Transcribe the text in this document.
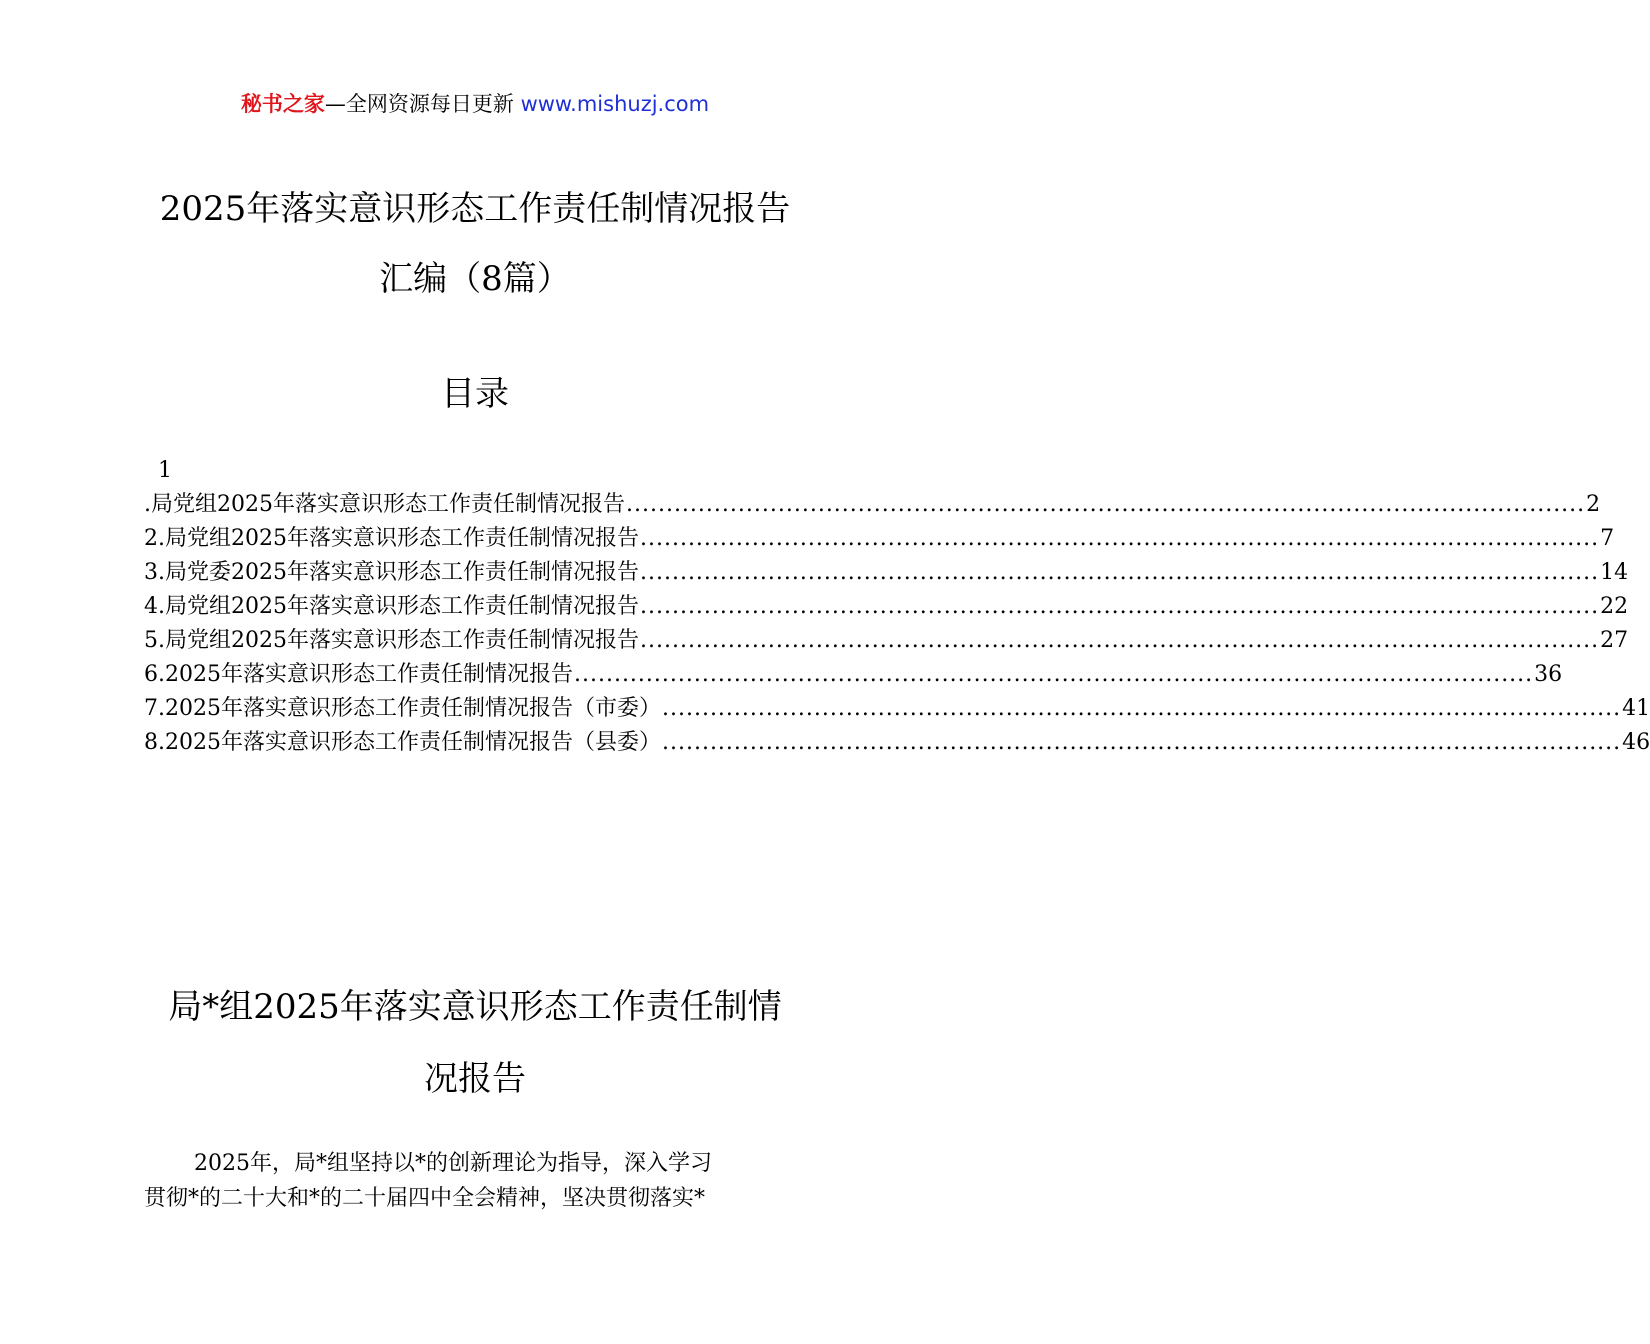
秘书之家—全网资源每日更新 www.mishuzj.com
2025年落实意识形态工作责任制情况报告
汇编（8篇）
目录
1
.局党组2025年落实意识形态工作责任制情况报告 ........................................................................................................................ 2
2.局党组2025年落实意识形态工作责任制情况报告 ........................................................................................................................ 7
3.局党委2025年落实意识形态工作责任制情况报告 ........................................................................................................................ 14
4.局党组2025年落实意识形态工作责任制情况报告 ........................................................................................................................ 22
5.局党组2025年落实意识形态工作责任制情况报告 ........................................................................................................................ 27
6.2025年落实意识形态工作责任制情况报告 ........................................................................................................................ 36
7.2025年落实意识形态工作责任制情况报告（市委） ........................................................................................................................ 41
8.2025年落实意识形态工作责任制情况报告（县委） ........................................................................................................................ 46
局*组2025年落实意识形态工作责任制情
况报告
2025年，局*组坚持以*的创新理论为指导，深入学习
贯彻*的二十大和*的二十届四中全会精神，坚决贯彻落实*
